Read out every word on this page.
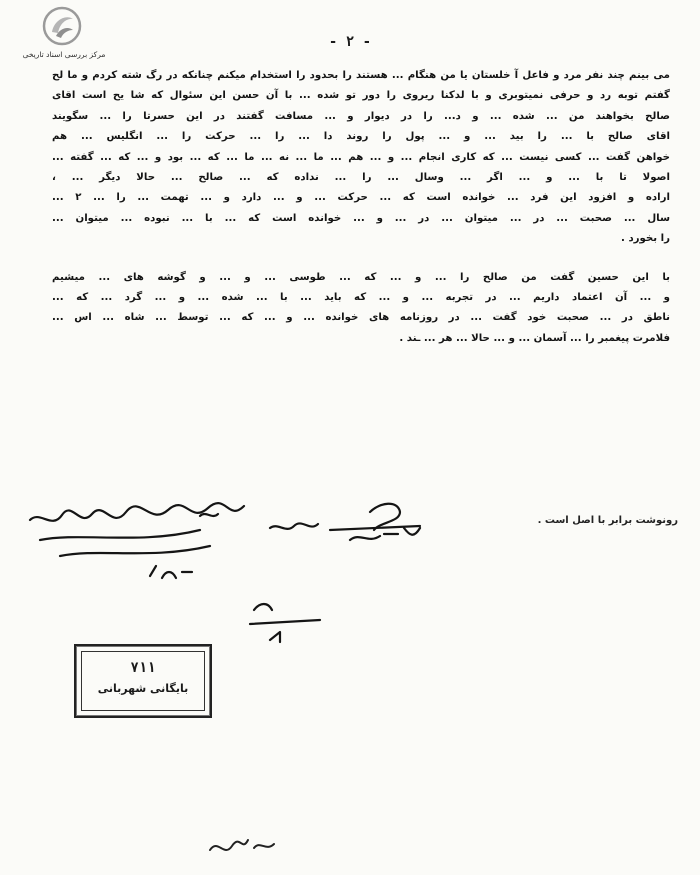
مرکز بررسی اسناد تاریخی
- ۲ -

می بینم چند نفر مرد و فاعل آ خلستان یا من هنگام ... هستند را بحدود را استخدام میکنم چنانکه در رگ شته کردم و ما لح
گفتم توبه رد و حرفی نمیتوبری و با لدکنا ریروی را دور تو شده ... با آن حسن این سئوال که شا یح است اقای
صالح بخواهند من ... شده ... و د... را در دیوار و ... مسافت گفتند در این حسرتا را ... سگویند
اقای صالح با ... را بید ... و ... پول را روند دا ... را ... حرکت را ... انگلیس ... هم
خواهن گفت ... کسی نیست ... که کاری انجام ... و ... هم ... ما ... نه ... ما ... که ... بود و ... که ... گفته ...
اصولا تا با ... و ... اگر ... وسال ... را ... نداده که ... صالح ... حالا دیگر ... ،
اراده و افزود این فرد ... خوانده است که ... حرکت ... و ... دارد و ... تهمت ... را ... ۲ ...
سال ... صحبت ... در ... میتوان ... در ... و ... خوانده است که ... با ... نبوده ... میتوان ...
را بخورد .

با این حسین گفت من صالح را ... و ... که ... طوسی ... و ... و گوشه های ... میشیم
و ... آن اعتماد داریم ... در تجربه ... و ... که باید ... با ... شده ... و ... گرد ... که ...
ناطق در ... صحبت خود گفت ... در روزنامه های خوانده ... و ... که ... توسط ... شاه ... اس ...
فلامرت پیغمبر را ... آسمان ... و ... حالا ... هر ... ـند .

رونوشت برابر با اصل است .
۷۱۱
بایگانی شهربانی
